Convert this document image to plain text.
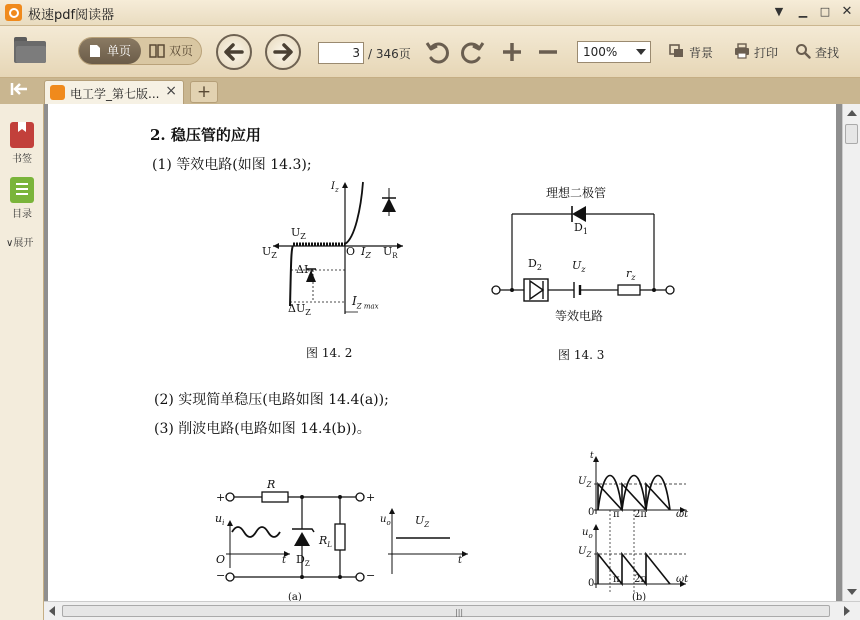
极速pdf阅读器	▼ ▁ □ ✕
单页	双页	3 / 346页	100%	背景	打印	查找
电工学_第七版... ×	+
书签
目录
∨展开
2. 稳压管的应用
(1) 等效电路(如图 14.3);
$I_z$
$U_Z$
$U_Z$	O $I_Z$ $U_R$
$\Delta I_Z$
$\Delta U_Z$
$I_{Z max}$
图 14. 2
理想二极管
$D_1$
$D_2$	$U_z$	$r_z$
等效电路
图 14. 3
(2) 实现简单稳压(电路如图 14.4(a));
(3) 削波电路(电路如图 14.4(b))。
+
−
+
−
R
$u_i$	$u_o$
$R_L$
$D_Z$
O	t	t
$U_Z$
(a)
t
$U_Z$
0 π 2π	ωt
$u_o$
$U_Z$
0 π 2π	ωt
(b)
|||
